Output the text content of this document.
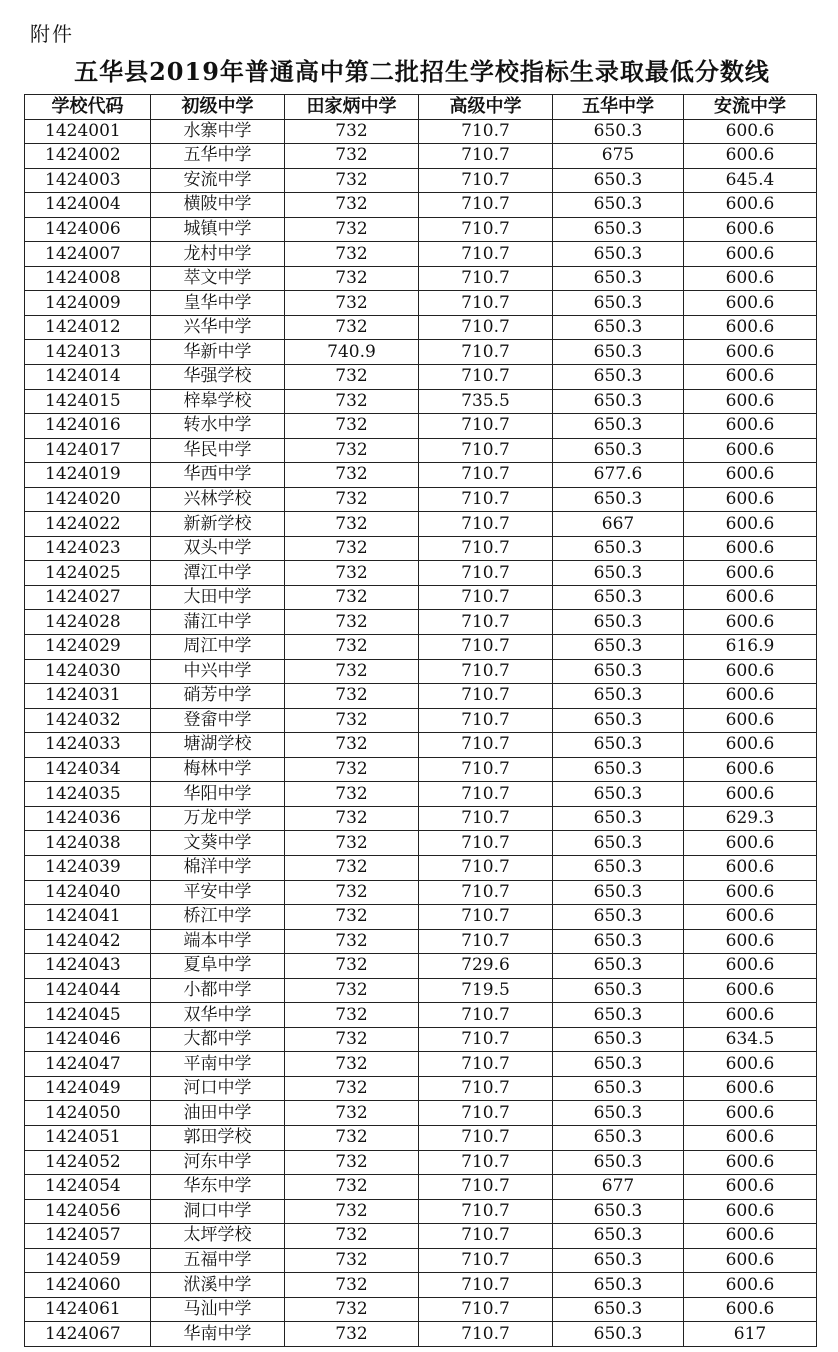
附件
五华县2019年普通高中第二批招生学校指标生录取最低分数线
学校代码	初级中学	田家炳中学	高级中学	五华中学	安流中学
1424001	水寨中学	732	710.7	650.3	600.6
1424002	五华中学	732	710.7	675	600.6
1424003	安流中学	732	710.7	650.3	645.4
1424004	横陂中学	732	710.7	650.3	600.6
1424006	城镇中学	732	710.7	650.3	600.6
1424007	龙村中学	732	710.7	650.3	600.6
1424008	萃文中学	732	710.7	650.3	600.6
1424009	皇华中学	732	710.7	650.3	600.6
1424012	兴华中学	732	710.7	650.3	600.6
1424013	华新中学	740.9	710.7	650.3	600.6
1424014	华强学校	732	710.7	650.3	600.6
1424015	梓皋学校	732	735.5	650.3	600.6
1424016	转水中学	732	710.7	650.3	600.6
1424017	华民中学	732	710.7	650.3	600.6
1424019	华西中学	732	710.7	677.6	600.6
1424020	兴林学校	732	710.7	650.3	600.6
1424022	新新学校	732	710.7	667	600.6
1424023	双头中学	732	710.7	650.3	600.6
1424025	潭江中学	732	710.7	650.3	600.6
1424027	大田中学	732	710.7	650.3	600.6
1424028	蒲江中学	732	710.7	650.3	600.6
1424029	周江中学	732	710.7	650.3	616.9
1424030	中兴中学	732	710.7	650.3	600.6
1424031	硝芳中学	732	710.7	650.3	600.6
1424032	登畲中学	732	710.7	650.3	600.6
1424033	塘湖学校	732	710.7	650.3	600.6
1424034	梅林中学	732	710.7	650.3	600.6
1424035	华阳中学	732	710.7	650.3	600.6
1424036	万龙中学	732	710.7	650.3	629.3
1424038	文葵中学	732	710.7	650.3	600.6
1424039	棉洋中学	732	710.7	650.3	600.6
1424040	平安中学	732	710.7	650.3	600.6
1424041	桥江中学	732	710.7	650.3	600.6
1424042	端本中学	732	710.7	650.3	600.6
1424043	夏阜中学	732	729.6	650.3	600.6
1424044	小都中学	732	719.5	650.3	600.6
1424045	双华中学	732	710.7	650.3	600.6
1424046	大都中学	732	710.7	650.3	634.5
1424047	平南中学	732	710.7	650.3	600.6
1424049	河口中学	732	710.7	650.3	600.6
1424050	油田中学	732	710.7	650.3	600.6
1424051	郭田学校	732	710.7	650.3	600.6
1424052	河东中学	732	710.7	650.3	600.6
1424054	华东中学	732	710.7	677	600.6
1424056	洞口中学	732	710.7	650.3	600.6
1424057	太坪学校	732	710.7	650.3	600.6
1424059	五福中学	732	710.7	650.3	600.6
1424060	洑溪中学	732	710.7	650.3	600.6
1424061	马汕中学	732	710.7	650.3	600.6
1424067	华南中学	732	710.7	650.3	617
